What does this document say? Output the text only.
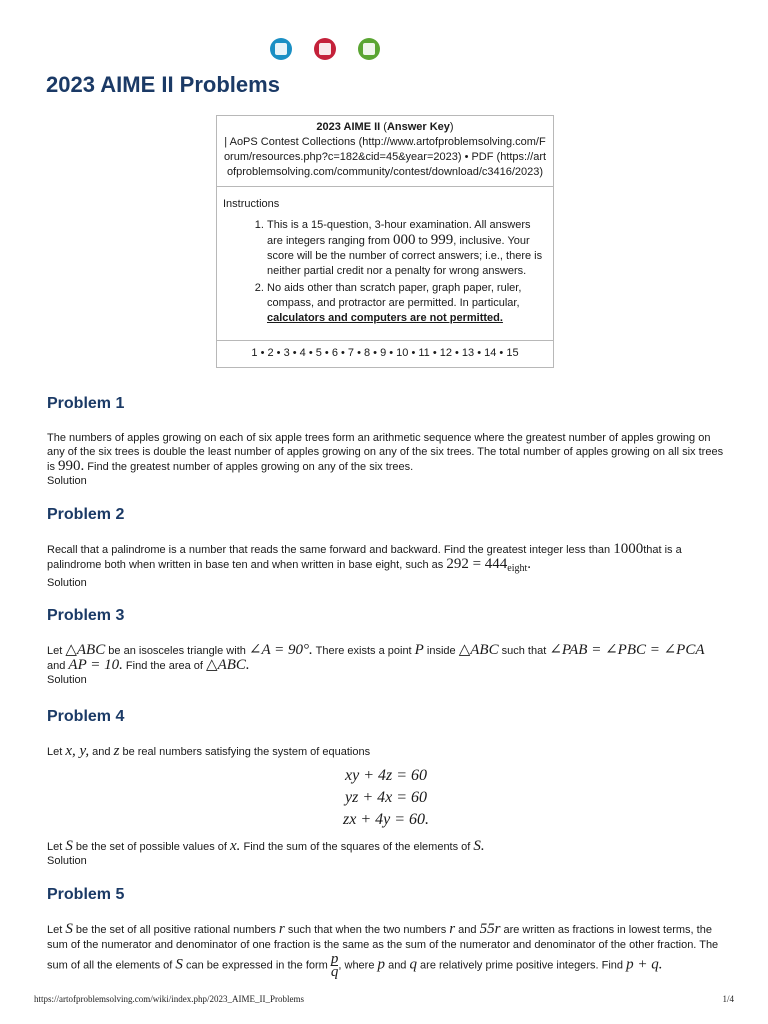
2023 AIME II Problems
2023 AIME II (Answer Key)
| AoPS Contest Collections (http://www.artofproblemsolving.com/Forum/resources.php?c=182&cid=45&year=2023) • PDF (https://artofproblemsolving.com/community/contest/download/c3416/2023)
Instructions
1. This is a 15-question, 3-hour examination. All answers are integers ranging from 000 to 999, inclusive. Your score will be the number of correct answers; i.e., there is neither partial credit nor a penalty for wrong answers.
2. No aids other than scratch paper, graph paper, ruler, compass, and protractor are permitted. In particular, calculators and computers are not permitted.
1 • 2 • 3 • 4 • 5 • 6 • 7 • 8 • 9 • 10 • 11 • 12 • 13 • 14 • 15
Problem 1

The numbers of apples growing on each of six apple trees form an arithmetic sequence where the greatest number of apples growing on any of the six trees is double the least number of apples growing on any of the six trees. The total number of apples growing on all six trees is 990. Find the greatest number of apples growing on any of the six trees.

Solution

Problem 2

Recall that a palindrome is a number that reads the same forward and backward. Find the greatest integer less than 1000that is a palindrome both when written in base ten and when written in base eight, such as $292 = 444_{eight}$.

Solution

Problem 3

Let △ABC be an isosceles triangle with ∠A = 90°. There exists a point P inside △ABC such that ∠PAB = ∠PBC = ∠PCA and AP = 10. Find the area of △ABC.

Solution

Problem 4

Let x, y, and z be real numbers satisfying the system of equations

xy + 4z = 60
yz + 4x = 60
zx + 4y = 60.

Let S be the set of possible values of x. Find the sum of the squares of the elements of S.

Solution

Problem 5

Let S be the set of all positive rational numbers r such that when the two numbers r and 55r are written as fractions in lowest terms, the sum of the numerator and denominator of one fraction is the same as the sum of the numerator and denominator of the other fraction. The sum of all the elements of S can be expressed in the form $\frac{p}{q}$ , where p and q are relatively prime positive integers. Find p + q.

https://artofproblemsolving.com/wiki/index.php/2023_AIME_II_Problems	1/4
